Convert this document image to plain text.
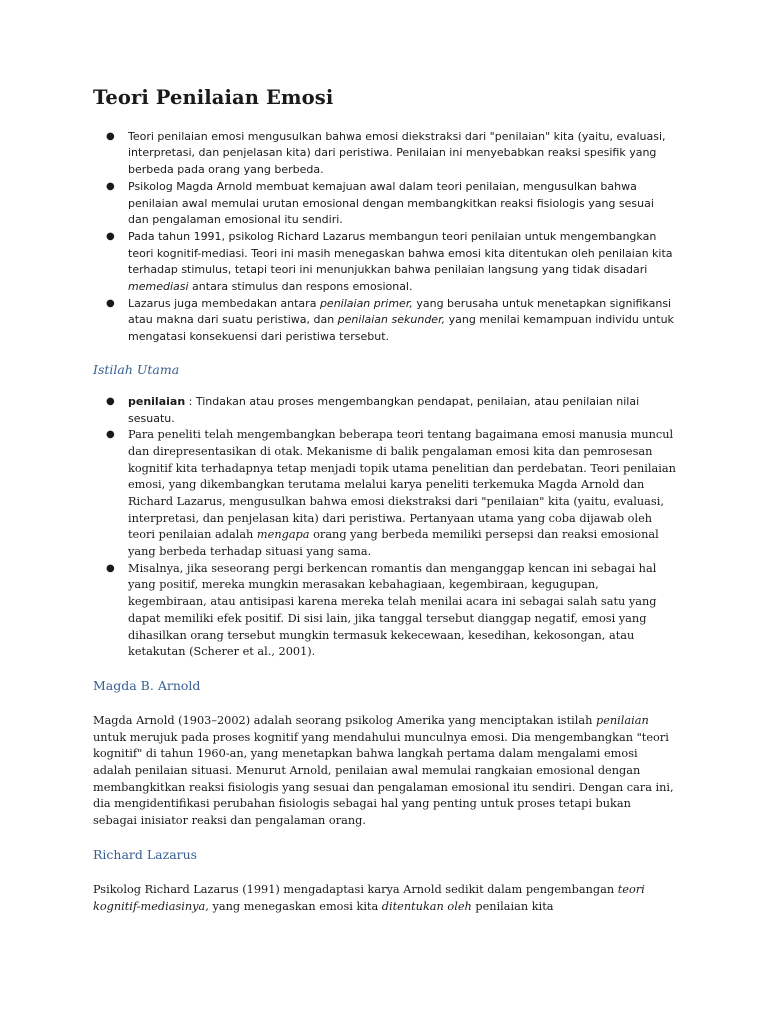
Teori Penilaian Emosi
● Teori penilaian emosi mengusulkan bahwa emosi diekstraksi dari "penilaian" kita (yaitu, evaluasi, interpretasi, dan penjelasan kita) dari peristiwa. Penilaian ini menyebabkan reaksi spesifik yang berbeda pada orang yang berbeda.
● Psikolog Magda Arnold membuat kemajuan awal dalam teori penilaian, mengusulkan bahwa penilaian awal memulai urutan emosional dengan membangkitkan reaksi fisiologis yang sesuai dan pengalaman emosional itu sendiri.
● Pada tahun 1991, psikolog Richard Lazarus membangun teori penilaian untuk mengembangkan teori kognitif-mediasi. Teori ini masih menegaskan bahwa emosi kita ditentukan oleh penilaian kita terhadap stimulus, tetapi teori ini menunjukkan bahwa penilaian langsung yang tidak disadari memediasi antara stimulus dan respons emosional.
● Lazarus juga membedakan antara penilaian primer, yang berusaha untuk menetapkan signifikansi atau makna dari suatu peristiwa, dan penilaian sekunder, yang menilai kemampuan individu untuk mengatasi konsekuensi dari peristiwa tersebut.

Istilah Utama

● penilaian : Tindakan atau proses mengembangkan pendapat, penilaian, atau penilaian nilai sesuatu.
● Para peneliti telah mengembangkan beberapa teori tentang bagaimana emosi manusia muncul dan direpresentasikan di otak. Mekanisme di balik pengalaman emosi kita dan pemrosesan kognitif kita terhadapnya tetap menjadi topik utama penelitian dan perdebatan. Teori penilaian emosi, yang dikembangkan terutama melalui karya peneliti terkemuka Magda Arnold dan Richard Lazarus, mengusulkan bahwa emosi diekstraksi dari "penilaian" kita (yaitu, evaluasi, interpretasi, dan penjelasan kita) dari peristiwa. Pertanyaan utama yang coba dijawab oleh teori penilaian adalah mengapa orang yang berbeda memiliki persepsi dan reaksi emosional yang berbeda terhadap situasi yang sama.
● Misalnya, jika seseorang pergi berkencan romantis dan menganggap kencan ini sebagai hal yang positif, mereka mungkin merasakan kebahagiaan, kegembiraan, kegugupan, kegembiraan, atau antisipasi karena mereka telah menilai acara ini sebagai salah satu yang dapat memiliki efek positif. Di sisi lain, jika tanggal tersebut dianggap negatif, emosi yang dihasilkan orang tersebut mungkin termasuk kekecewaan, kesedihan, kekosongan, atau ketakutan (Scherer et al., 2001).

Magda B. Arnold

Magda Arnold (1903–2002) adalah seorang psikolog Amerika yang menciptakan istilah penilaian untuk merujuk pada proses kognitif yang mendahului munculnya emosi. Dia mengembangkan "teori kognitif" di tahun 1960-an, yang menetapkan bahwa langkah pertama dalam mengalami emosi adalah penilaian situasi. Menurut Arnold, penilaian awal memulai rangkaian emosional dengan membangkitkan reaksi fisiologis yang sesuai dan pengalaman emosional itu sendiri. Dengan cara ini, dia mengidentifikasi perubahan fisiologis sebagai hal yang penting untuk proses tetapi bukan sebagai inisiator reaksi dan pengalaman orang.

Richard Lazarus

Psikolog Richard Lazarus (1991) mengadaptasi karya Arnold sedikit dalam pengembangan teori kognitif-mediasinya, yang menegaskan emosi kita ditentukan oleh penilaian kita
